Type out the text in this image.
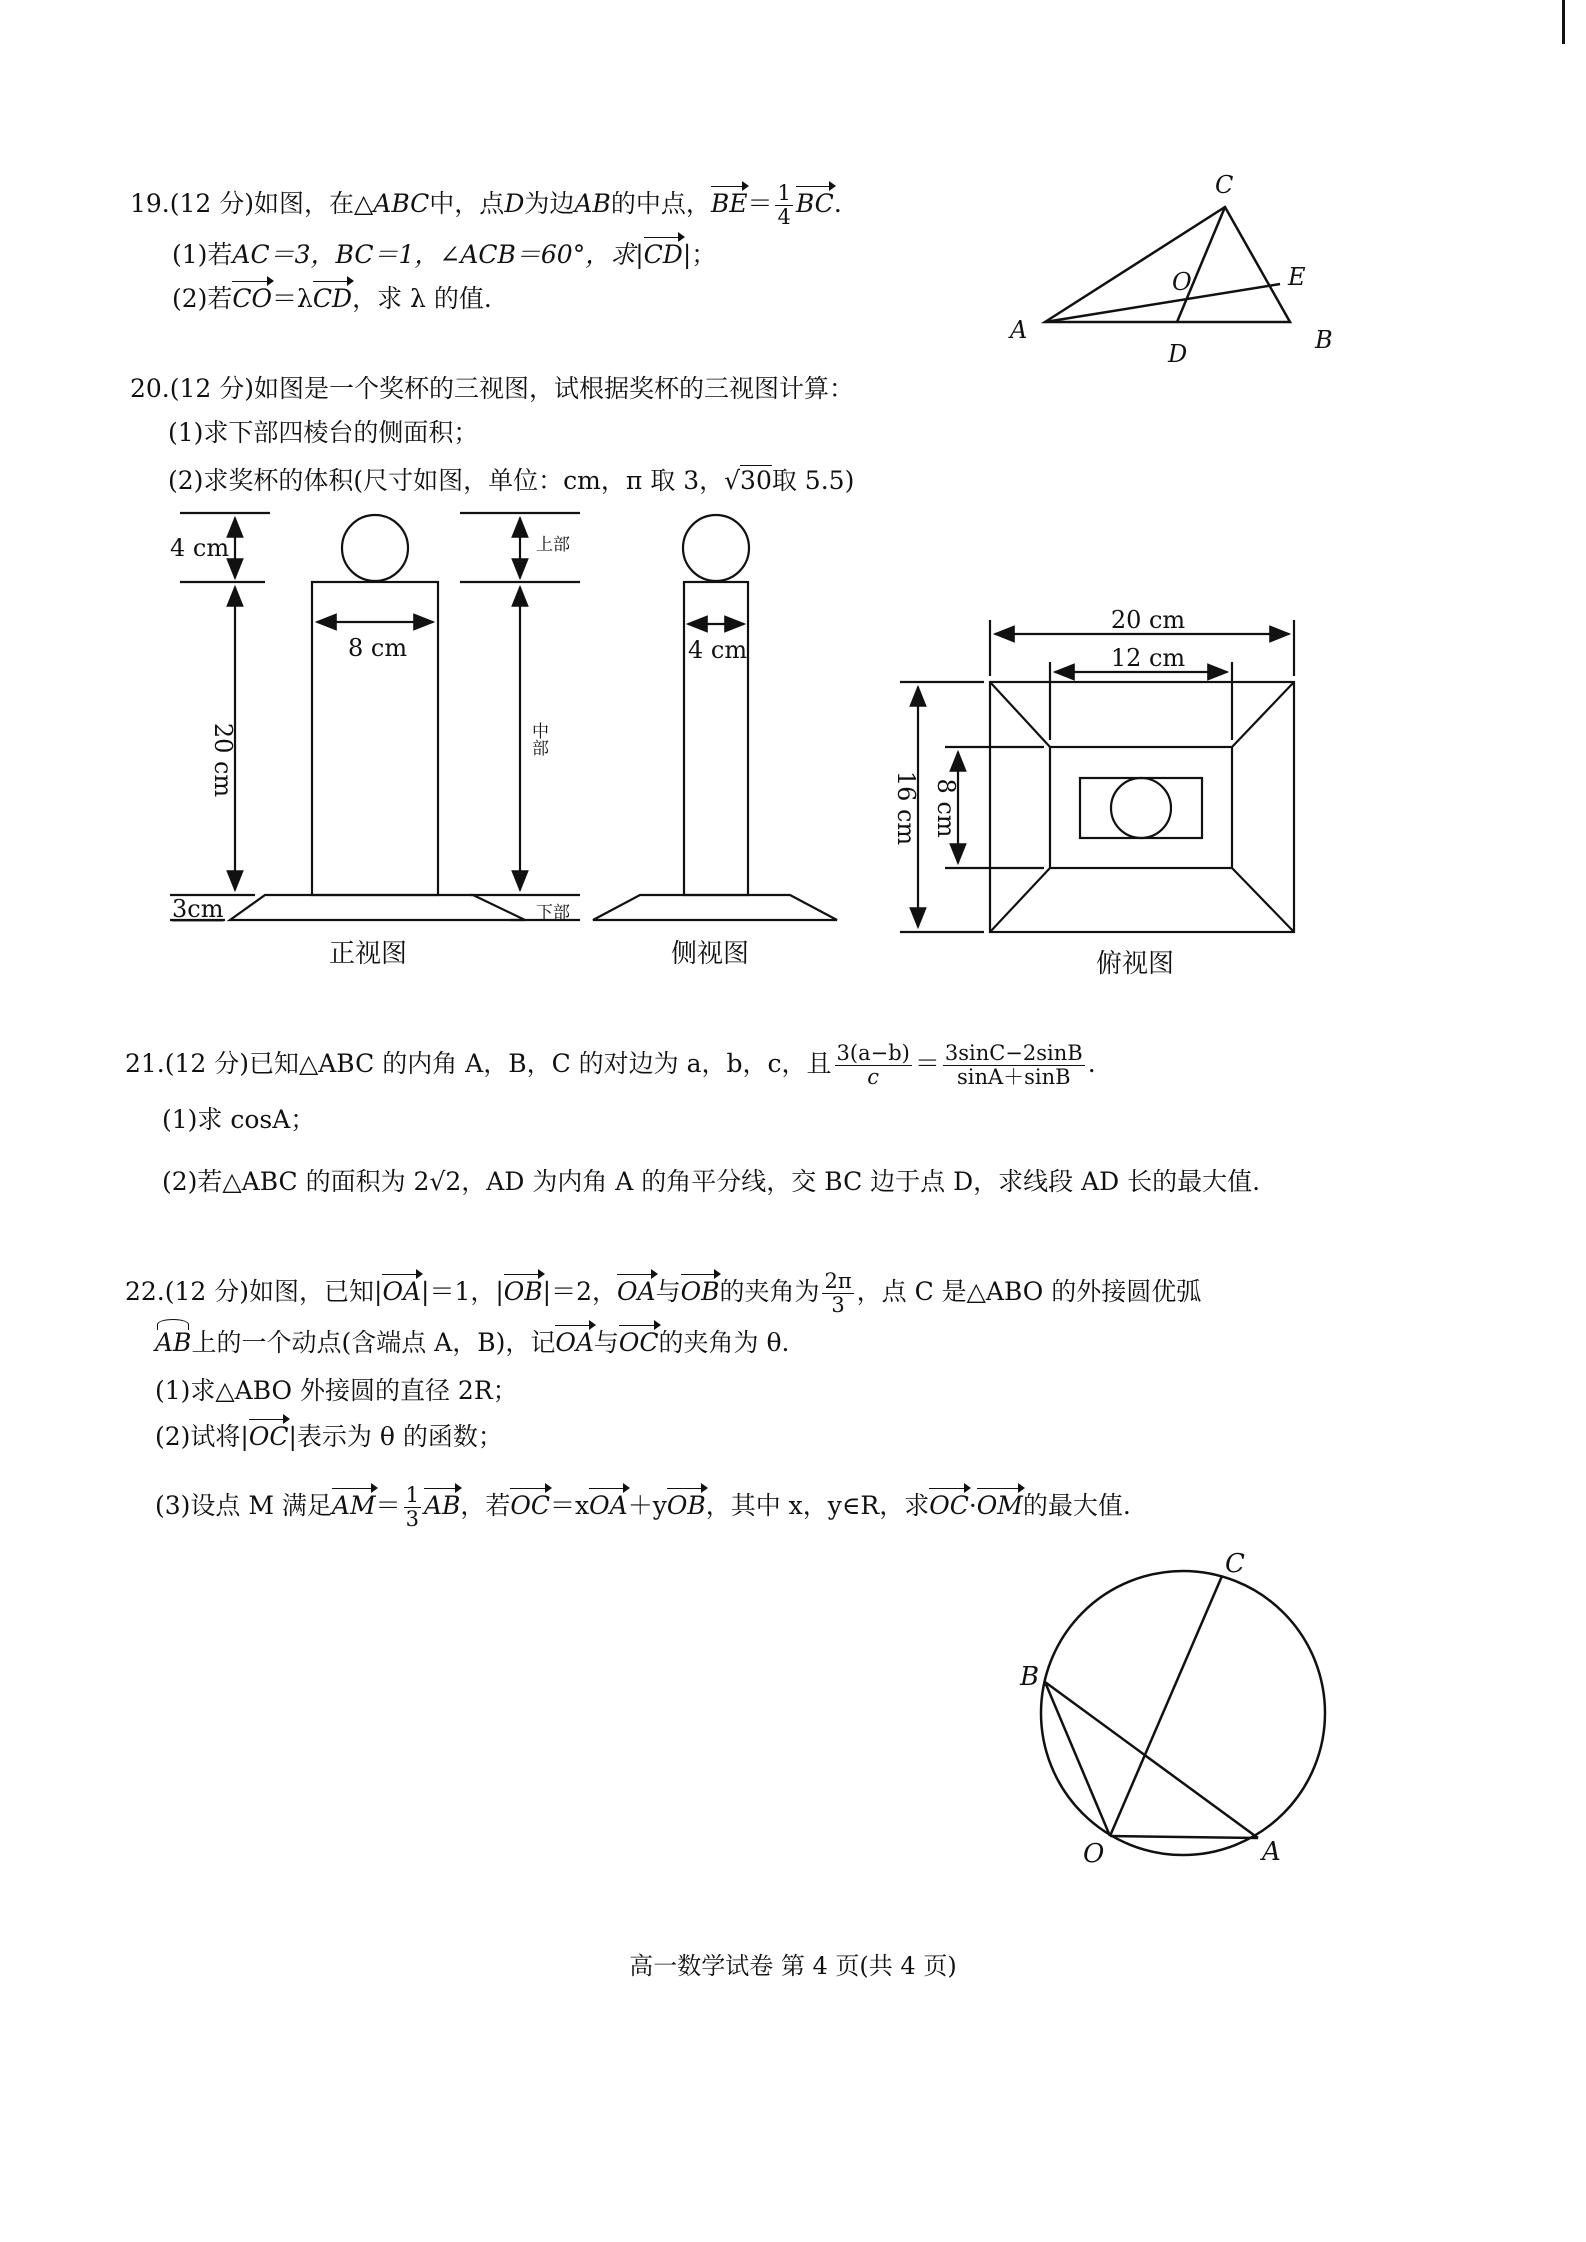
19.(12 分)如图，在△ABC中，点D为边AB的中点，$BE= \frac{1}{4}$ BC.
(1)若AC＝3，BC＝1，∠ACB＝60°，求|CD|；
(2)若CO＝λCD，求 λ 的值.
A	B
C
D
E
O
20.(12 分)如图是一个奖杯的三视图，试根据奖杯的三视图计算：
(1)求下部四棱台的侧面积；
(2)求奖杯的体积(尺寸如图，单位：cm，π 取 3，√30取 5.5)
4 cm
20 cm
8 cm
3cm
上部
中部
下部
正视图
4 cm
侧视图
20 cm
12 cm
16 cm 8 cm
俯视图
21.(12 分)已知△ABC 的内角 A，B，C 的对边为 a，b，c，且 $\frac{3(a-b)}{c} = \frac{3\sin C-2\sin B}{\sin A+\sin B}$ .
(1)求 cosA；
(2)若△ABC 的面积为 2√2，AD 为内角 A 的角平分线，交 BC 边于点 D，求线段 AD 长的最大值.
22.(12 分)如图，已知|OA|＝1，|OB|＝2，OA与OB的夹角为 $\frac{2\pi}{3}$ ，点 C 是△ABO 的外接圆优弧
AB上的一个动点(含端点 A，B)，记OA与OC的夹角为 θ.
(1)求△ABO 外接圆的直径 2R；
(2)试将|OC|表示为 θ 的函数；
(3)设点 M 满足$AM= \frac{1}{3}$ AB，若OC＝xOA＋yOB，其中 x，y∈R，求OC·OM的最大值.
C
B
O	A
高一数学试卷 第 4 页(共 4 页)
